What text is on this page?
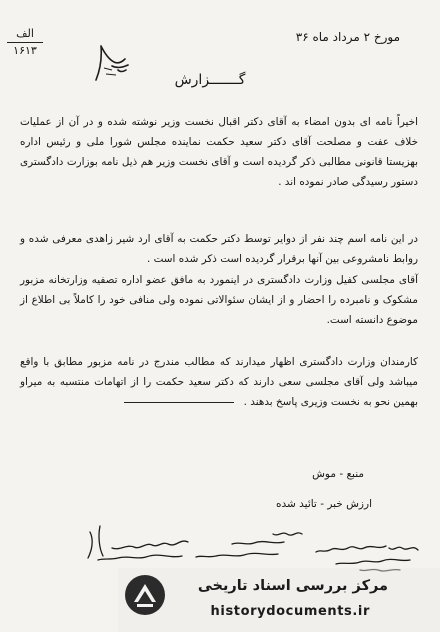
مورخ ۲ مرداد ماه ۳۶
الف
۱۶۱۳
گـــــــزارش
اخیراً نامه ای بدون امضاء به آقای دکتر اقبال نخست وزیر نوشته شده و در آن از عملیات خلاف عفت و مصلحت آقای دکتر سعید حکمت نماینده مجلس شورا ملی و رئیس اداره بهزیستا قانونی مطالبی ذکر گردیده است و آقای نخست وزیر هم ذیل نامه بوزارت دادگستری دستور رسیدگی صادر نموده اند .
در این نامه اسم چند نفر از دوایر توسط دکتر حکمت به آقای ارد شیر زاهدی معرفی شده و روابط نامشروعی بین آنها برقرار گردیده است ذکر شده است .
آقای مجلسی کفیل وزارت دادگستری در اینمورد به مافق عضو اداره تصفیه وزارتخانه مزبور مشکوک و نامبرده را احضار و از ایشان سئوالاتی نموده ولی منافی خود را کاملاً بی اطلاع از موضوع دانسته است.
کارمندان وزارت دادگستری اظهار میدارند که مطالب مندرج در نامه مزبور مطابق با واقع میباشد ولی آقای مجلسی سعی دارند که دکتر سعید حکمت را از اتهامات منتسبه به میراو بهمین نحو به نخست وزیری پاسخ بدهند .
منبع - موش
ارزش خبر - تائید شده
مرکز بررسی اسناد تاریخی
historydocuments.ir
